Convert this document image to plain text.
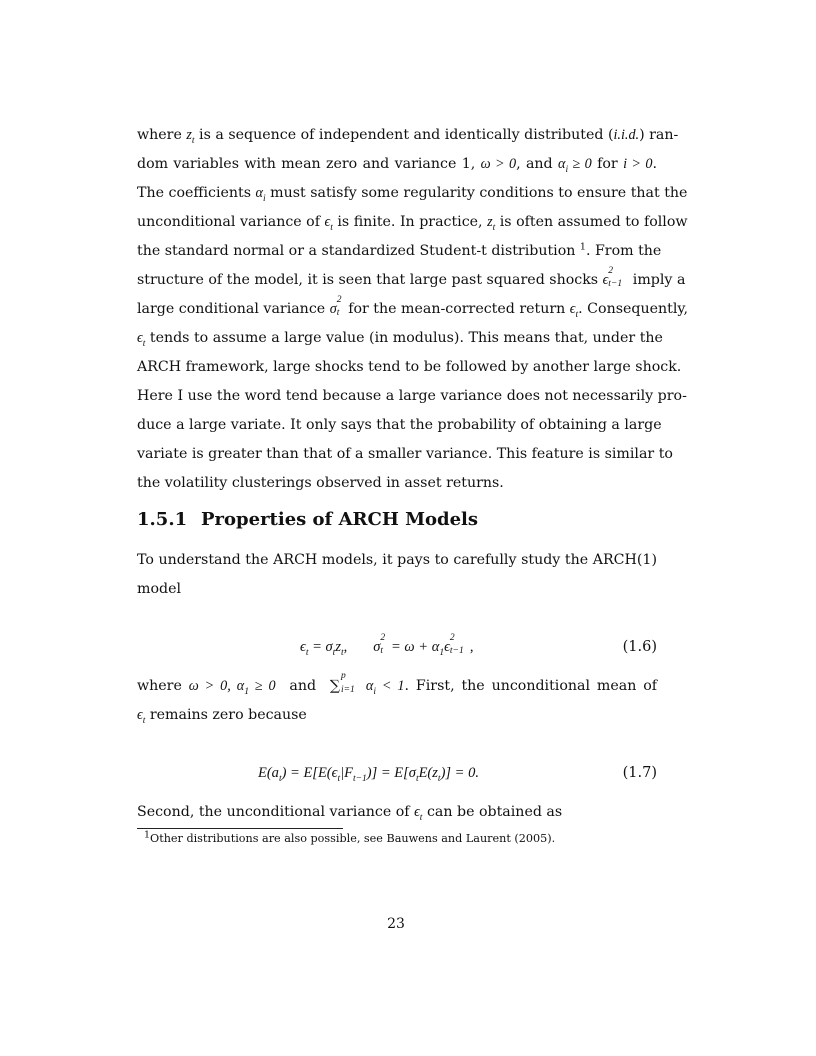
where $z_t$ is a sequence of independent and identically distributed (i.i.d.) ran-
dom variables with mean zero and variance 1, ω > 0, and $\alpha_i \ge 0$ for i > 0.
The coefficients $\alpha_i$ must satisfy some regularity conditions to ensure that the
unconditional variance of $\epsilon_t$ is finite. In practice, $z_t$ is often assumed to follow
the standard normal or a standardized Student-t distribution $^1$. From the
structure of the model, it is seen that large past squared shocks ϵ
2
t−1 imply a
large conditional variance σ
2
t for the mean-corrected return $\epsilon_t$. Consequently,
$\epsilon_t$ tends to assume a large value (in modulus). This means that, under the
ARCH framework, large shocks tend to be followed by another large shock.
Here I use the word tend because a large variance does not necessarily pro-
duce a large variate. It only says that the probability of obtaining a large
variate is greater than that of a smaller variance. This feature is similar to
the volatility clusterings observed in asset returns.
1.5.1 Properties of ARCH Models
To understand the ARCH models, it pays to carefully study the ARCH(1)
model
$\epsilon_t = \sigma_tz_t$, σ
2
$t = \omega + \alpha_1\epsilon$
2
t−1 ,	(1.6)
where ω > 0, $\alpha_1 \ge 0$  and  ∑
p
i=1 $\alpha_i < 1$. First, the unconditional mean of
$\epsilon_t$ remains zero because
$E(a_t) = E[E(\epsilon_t|F_{t-1})] = E[\sigma_tE(z_t)] = 0$.	(1.7)
Second, the unconditional variance of $\epsilon_t$ can be obtained as
$^1$Other distributions are also possible, see Bauwens and Laurent (2005).
23
